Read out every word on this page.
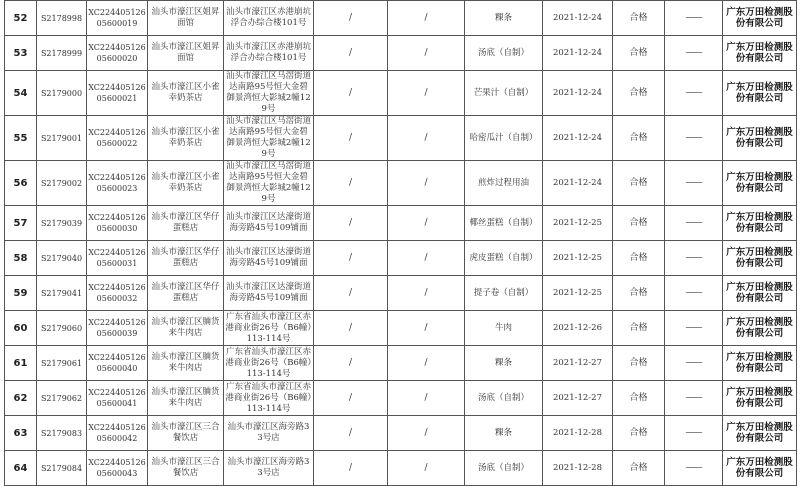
52	S2178998	XC22440512605600019	汕头市濠江区姐昇面馆	汕头市濠江区赤港崩坑浮合办综合楼101号	/	/	粿条	2021-12-24	合格	——	广东万田检测股份有限公司
53	S2178999	XC22440512605600020	汕头市濠江区姐昇面馆	汕头市濠江区赤港崩坑浮合办综合楼101号	/	/	汤底（自制）	2021-12-24	合格	——	广东万田检测股份有限公司
54	S2179000	XC22440512605600021	汕头市濠江区小雀幸奶茶店	汕头市濠江区马滘街道达南路95号恒大金碧御景湾恒大影城2幢129号	/	/	芒果汁（自制）	2021-12-24	合格	——	广东万田检测股份有限公司
55	S2179001	XC22440512605600022	汕头市濠江区小雀幸奶茶店	汕头市濠江区马滘街道达南路95号恒大金碧御景湾恒大影城2幢129号	/	/	哈密瓜汁（自制）	2021-12-24	合格	——	广东万田检测股份有限公司
56	S2179002	XC22440512605600023	汕头市濠江区小雀幸奶茶店	汕头市濠江区马滘街道达南路95号恒大金碧御景湾恒大影城2幢129号	/	/	煎炸过程用油	2021-12-24	合格	——	广东万田检测股份有限公司
57	S2179039	XC22440512605600030	汕头市濠江区华仔蛋糕店	汕头市濠江区达濠街道海旁路45号109铺面	/	/	椰丝蛋糕（自制）	2021-12-25	合格	——	广东万田检测股份有限公司
58	S2179040	XC22440512605600031	汕头市濠江区华仔蛋糕店	汕头市濠江区达濠街道海旁路45号109铺面	/	/	虎皮蛋糕（自制）	2021-12-25	合格	——	广东万田检测股份有限公司
59	S2179041	XC22440512605600032	汕头市濠江区华仔蛋糕店	汕头市濠江区达濠街道海旁路45号109铺面	/	/	提子卷（自制）	2021-12-25	合格	——	广东万田检测股份有限公司
60	S2179060	XC22440512605600039	汕头市濠江区腩货来牛肉店	广东省汕头市濠江区赤港商业街26号（B6幢）113-114号	/	/	牛肉	2021-12-26	合格	——	广东万田检测股份有限公司
61	S2179061	XC22440512605600040	汕头市濠江区腩货来牛肉店	广东省汕头市濠江区赤港商业街26号（B6幢）113-114号	/	/	粿条	2021-12-27	合格	——	广东万田检测股份有限公司
62	S2179062	XC22440512605600041	汕头市濠江区腩货来牛肉店	广东省汕头市濠江区赤港商业街26号（B6幢）113-114号	/	/	汤底（自制）	2021-12-27	合格	——	广东万田检测股份有限公司
63	S2179083	XC22440512605600042	汕头市濠江区三合餐饮店	汕头市濠江区海旁路33号店	/	/	粿条	2021-12-28	合格	——	广东万田检测股份有限公司
64	S2179084	XC22440512605600043	汕头市濠江区三合餐饮店	汕头市濠江区海旁路33号店	/	/	汤底（自制）	2021-12-28	合格	——	广东万田检测股份有限公司
